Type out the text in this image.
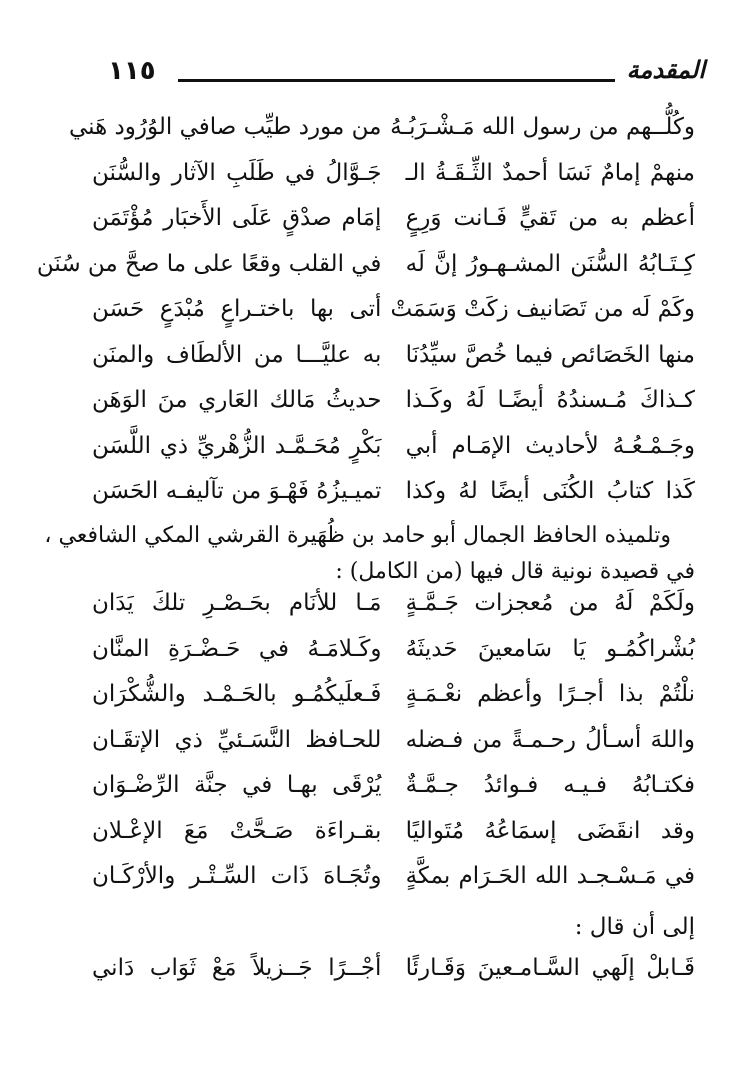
المقدمة
١١٥
وكُلُّــهم من رسول الله مَـشْـرَبُـهُ
من مورد طيِّب صافي الوُرُود هَني
منهمْ إمامٌ نَسَا أحمدٌ الثِّـقَـةُ الـ
جَـوَّالُ في طَلَبِ الآثار والسُّنَن
أعظم به من تَقيٍّ فَـانت وَرِعٍ
إمَام صدْقٍ عَلَى الأَخبَار مُؤْتَمَن
كِـتَـابُهُ السُّنَن المشـهـورُ إنَّ لَه
في القلب وقعًا على ما صحَّ من سُنَن
وكَمْ لَه من تَصَانيف زكَتْ وَسَمَتْ
أتى بها باختـراعٍ مُبْدَعٍ حَسَن
منها الخَصَائص فيما خُصَّ سيِّدُنَا
به عليَّـــا من الألطَاف والمنَن
كـذاكَ مُـسندُهُ أيضًـا لَهُ وكَـذا
حديثُ مَالك العَاري منَ الوَهَن
وجَـمْـعُـهُ لأحاديث الإمَـام أبي
بَكْرٍ مُحَـمَّـد الزُّهْريِّ ذي اللَّسَن
كَذا كتابُ الكُنَى أيضًا لهُ وكذا
تميـيزُهُ فَهْـوَ من تآليفـه الحَسَن
وتلميذه الحافظ الجمال أبو حامد بن ظُهَيرة القرشي المكي الشافعي ،
في قصيدة نونية قال فيها (من الكامل) :
ولَكَمْ لَهُ من مُعجزات جَـمَّـةٍ
مَـا للأنَام بحَـصْـرِ تلكَ يَدَان
بُشْراكُمُـو يَا سَامعينَ حَديثَهُ
وكَـلامَـهُ في حَـضْـرَةِ المنَّان
نلْتُمْ بذا أجـرًا وأعظم نعْـمَـةٍ
فَـعلَيكُمُـو بالحَـمْـد والشُّكْرَان
واللهَ أسـألُ رحـمـةً من فـضله
للحـافظ النَّسَـئيِّ ذي الإتقَـان
فكتـابُهُ فـيـه فـوائدُ جـمَّـةٌ
يُرْقَى بهـا في جنَّة الرِّضْـوَان
وقد انقَضَى إسمَاعُهُ مُتَواليًا
بقـراءَة صَـحَّتْ مَعَ الإعْـلان
في مَـسْـجـد الله الحَـرَام بمكَّةٍ
وتُجَـاهَ ذَات السِّـتْـر والأرْكَـان
إلى أن قال :
قَـابلْ إلَهي السَّـامـعينَ وَقَـارئًا
أجْــرًا جَــزيلاً مَعْ ثَوَاب دَاني
